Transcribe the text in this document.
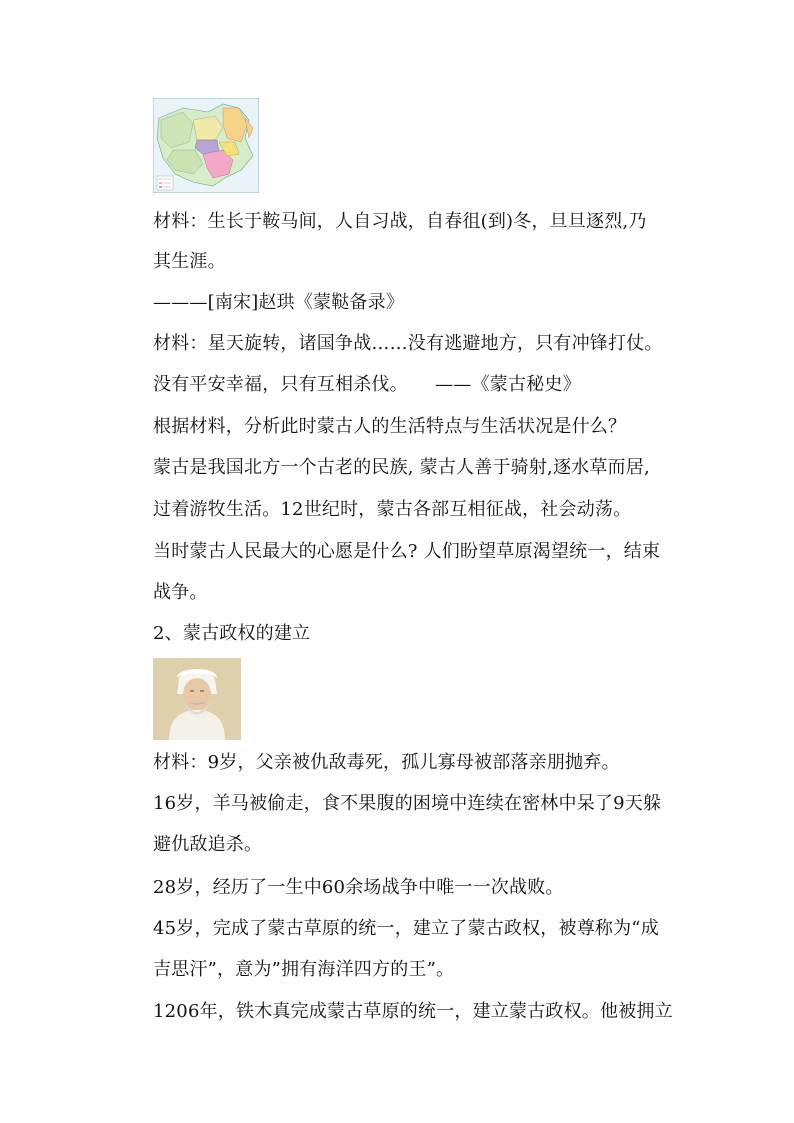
材料：生长于鞍马间，人自习战，自春徂(到)冬，旦旦逐烈,乃
其生涯。
———[南宋]赵珙《蒙鞑备录》
材料：星天旋转，诸国争战……没有逃避地方，只有冲锋打仗。
没有平安幸福，只有互相杀伐。　　——《蒙古秘史》
根据材料，分析此时蒙古人的生活特点与生活状况是什么？
蒙古是我国北方一个古老的民族, 蒙古人善于骑射,逐水草而居,
过着游牧生活。12世纪时，蒙古各部互相征战，社会动荡。
当时蒙古人民最大的心愿是什么? 人们盼望草原渴望统一，结束
战争。
2、蒙古政权的建立
材料：9岁，父亲被仇敌毒死，孤儿寡母被部落亲朋抛弃。
16岁，羊马被偷走，食不果腹的困境中连续在密林中呆了9天躲
避仇敌追杀。
28岁，经历了一生中60余场战争中唯一一次战败。
45岁，完成了蒙古草原的统一，建立了蒙古政权，被尊称为“成
吉思汗”，意为”拥有海洋四方的王”。
1206年，铁木真完成蒙古草原的统一，建立蒙古政权。他被拥立
